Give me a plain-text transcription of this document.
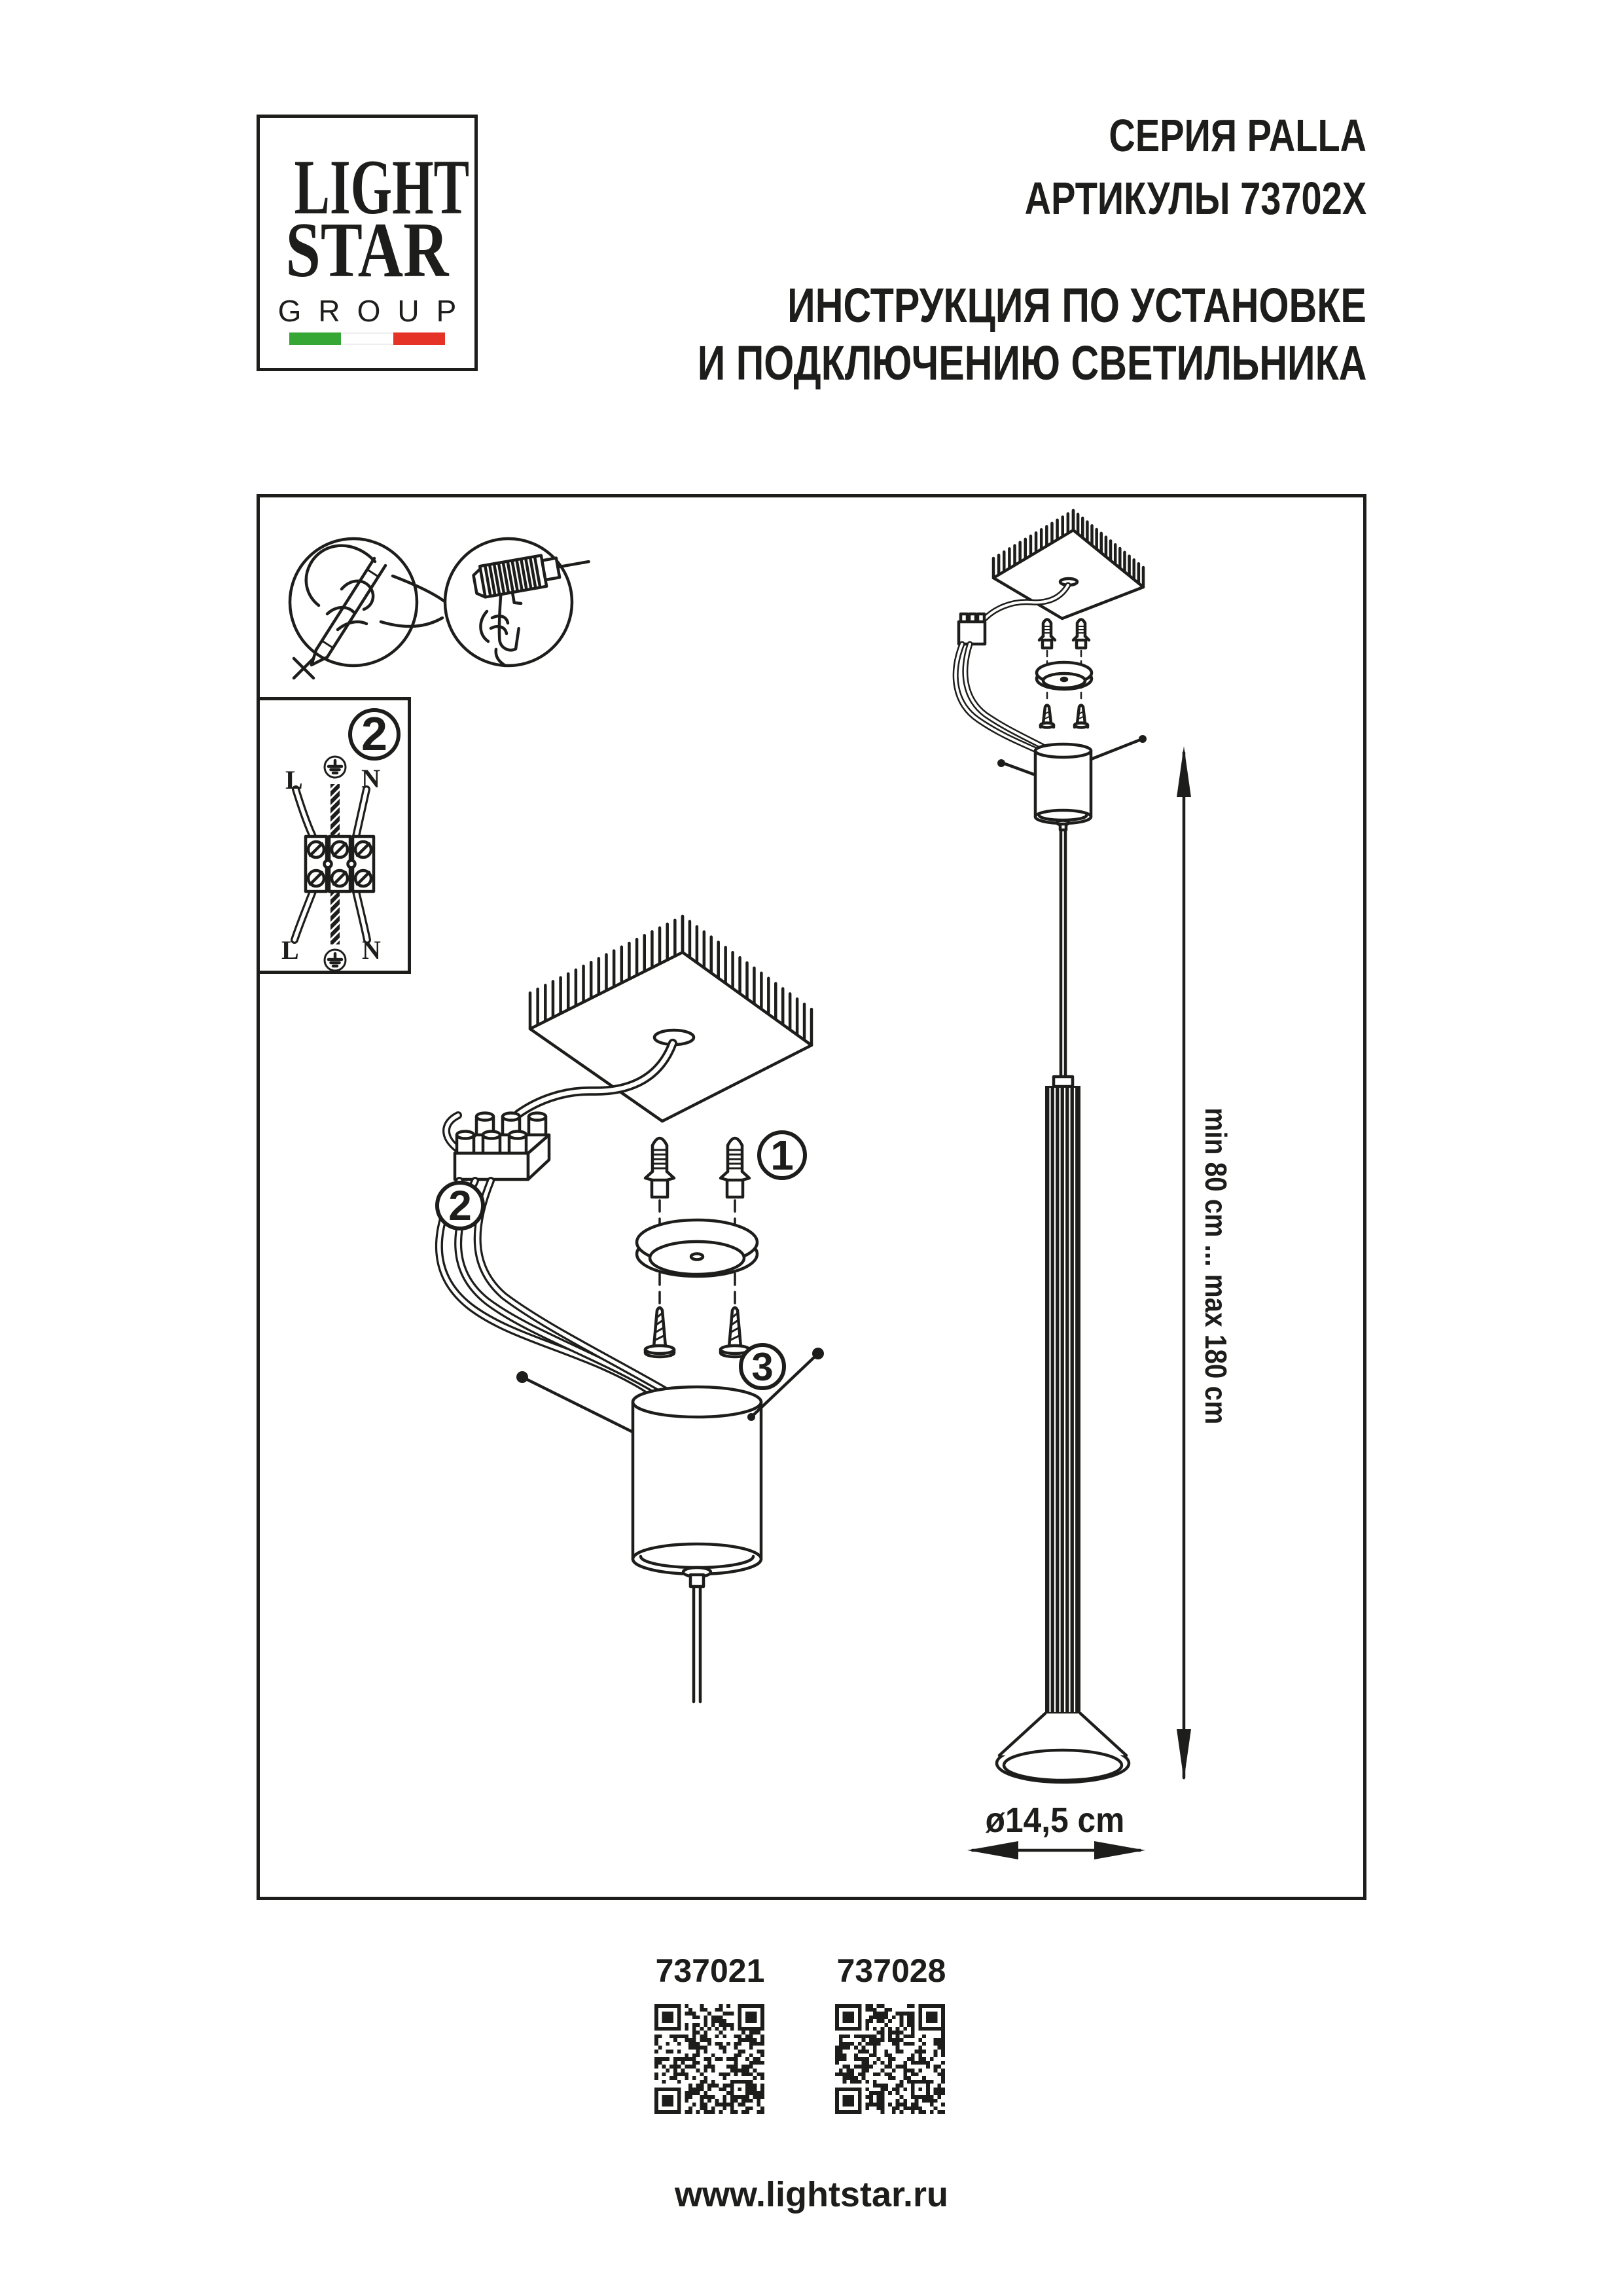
LIGHT
STAR
GROUP
СЕРИЯ PALLA
АРТИКУЛЫ 73702X
ИНСТРУКЦИЯ ПО УСТАНОВКЕ
И ПОДКЛЮЧЕНИЮ СВЕТИЛЬНИКА
2
1
2
3
L N
L N
min 80 cm ... max 180 cm
ø14,5 cm
737021	737028
www.lightstar.ru
